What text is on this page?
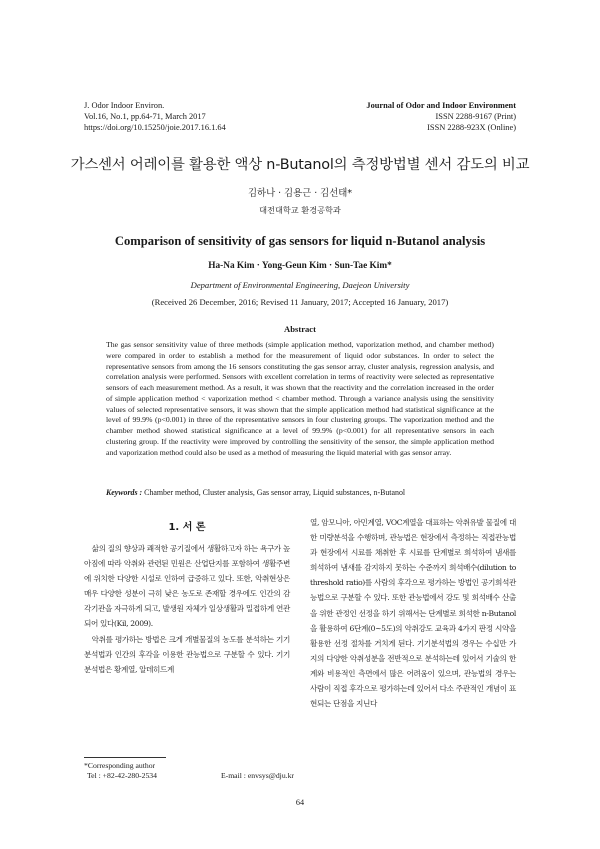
J. Odor Indoor Environ.
Vol.16, No.1, pp.64-71, March 2017
https://doi.org/10.15250/joie.2017.16.1.64
Journal of Odor and Indoor Environment
ISSN 2288-9167 (Print)
ISSN 2288-923X (Online)
가스센서 어레이를 활용한 액상 n-Butanol의 측정방법별 센서 감도의 비교
김하나 · 김용근 · 김선태*
대전대학교 환경공학과
Comparison of sensitivity of gas sensors for liquid n-Butanol analysis
Ha-Na Kim · Yong-Geun Kim · Sun-Tae Kim*
Department of Environmental Engineering, Daejeon University
(Received 26 December, 2016; Revised 11 January, 2017; Accepted 16 January, 2017)
Abstract
The gas sensor sensitivity value of three methods (simple application method, vaporization method, and chamber method) were compared in order to establish a method for the measurement of liquid odor substances. In order to select the representative sensors from among the 16 sensors constituting the gas sensor array, cluster analysis, regression analysis, and correlation analysis were performed. Sensors with excellent correlation in terms of reactivity were selected as representative sensors of each measurement method. As a result, it was shown that the reactivity and the correlation increased in the order of simple application method < vaporization method < chamber method. Through a variance analysis using the sensitivity values of selected representative sensors, it was shown that the simple application method had statistical significance at the level of 99.9% (p<0.001) in three of the representative sensors in four clustering groups. The vaporization method and the chamber method showed statistical significance at a level of 99.9% (p<0.001) for all representative sensors in each clustering group. If the reactivity were improved by controlling the sensitivity of the sensor, the simple application method and vaporization method could also be used as a method of measuring the liquid material with gas sensor array.
Keywords : Chamber method, Cluster analysis, Gas sensor array, Liquid substances, n-Butanol
1. 서 론

삶의 질의 향상과 쾌적한 공기질에서 생활하고자 하는 욕구가 높아짐에 따라 악취와 관련된 민원은 산업단지를 포함하여 생활주변에 위치한 다양한 시설로 인하여 급증하고 있다. 또한, 악취현상은 매우 다양한 성분이 극히 낮은 농도로 존재할 경우에도 인간의 감각기관을 자극하게 되고, 발생원 자체가 일상생활과 밀접하게 연관되어 있다(Kil, 2009).

악취를 평가하는 방법은 크게 개별물질의 농도를 분석하는 기기분석법과 인간의 후각을 이용한 관능법으로 구분할 수 있다. 기기분석법은 황계열, 알데히드계

열, 암모니아, 아민계열, VOC계열을 대표하는 악취유발 물질에 대한 미량분석을 수행하며, 관능법은 현장에서 측정하는 직접관능법과 현장에서 시료를 채취한 후 시료를 단계별로 희석하여 냄새를 희석하여 냄새를 감지하지 못하는 수준까지 희석배수(dilution to threshold ratio)를 사람의 후각으로 평가하는 방법인 공기희석관능법으로 구분할 수 있다. 또한 관능법에서 강도 및 희석배수 산출을 위한 관정인 선정을 하기 위해서는 단계별로 희석한 n-Butanol을 활용하여 6단계(0~5도)의 악취강도 교육과 4가지 판정 시약을 활용한 선정 절차를 거치게 된다. 기기분석법의 경우는 수십만 가지의 다양한 악취성분을 전반적으로 분석하는데 있어서 기술의 한계와 비용적인 측면에서 많은 어려움이 있으며, 관능법의 경우는 사람이 직접 후각으로 평가하는데 있어서 다소 주관적인 개념이 표현되는 단점을 지닌다

*Corresponding author
Tel : +82-42-280-2534	E-mail : envsys@dju.kr
64
